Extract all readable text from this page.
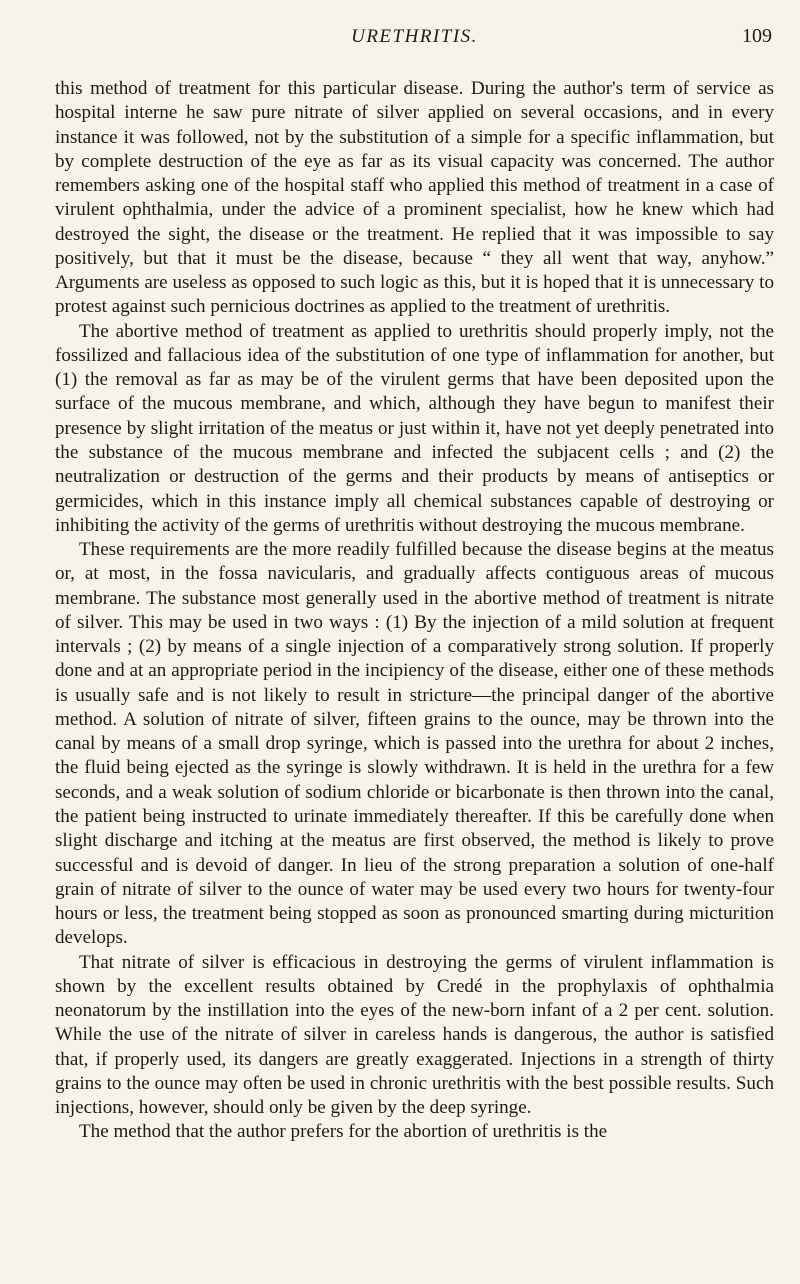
URETHRITIS.	109

this method of treatment for this particular disease. During the author's term of service as hospital interne he saw pure nitrate of silver applied on several occasions, and in every instance it was followed, not by the substitution of a simple for a specific inflammation, but by complete destruction of the eye as far as its visual capacity was concerned. The author remembers asking one of the hospital staff who applied this method of treatment in a case of virulent ophthalmia, under the advice of a prominent specialist, how he knew which had destroyed the sight, the disease or the treatment. He replied that it was impossible to say positively, but that it must be the disease, because “ they all went that way, anyhow.” Arguments are useless as opposed to such logic as this, but it is hoped that it is unnecessary to protest against such pernicious doctrines as applied to the treatment of urethritis.

The abortive method of treatment as applied to urethritis should properly imply, not the fossilized and fallacious idea of the substitution of one type of inflammation for another, but (1) the removal as far as may be of the virulent germs that have been deposited upon the surface of the mucous membrane, and which, although they have begun to manifest their presence by slight irritation of the meatus or just within it, have not yet deeply penetrated into the substance of the mucous membrane and infected the subjacent cells ; and (2) the neutralization or destruction of the germs and their products by means of antiseptics or germicides, which in this instance imply all chemical substances capable of destroying or inhibiting the activity of the germs of urethritis without destroying the mucous membrane.

These requirements are the more readily fulfilled because the disease begins at the meatus or, at most, in the fossa navicularis, and gradually affects contiguous areas of mucous membrane. The substance most generally used in the abortive method of treatment is nitrate of silver. This may be used in two ways : (1) By the injection of a mild solution at frequent intervals ; (2) by means of a single injection of a comparatively strong solution. If properly done and at an appropriate period in the incipiency of the disease, either one of these methods is usually safe and is not likely to result in stricture—the principal danger of the abortive method. A solution of nitrate of silver, fifteen grains to the ounce, may be thrown into the canal by means of a small drop syringe, which is passed into the urethra for about 2 inches, the fluid being ejected as the syringe is slowly withdrawn. It is held in the urethra for a few seconds, and a weak solution of sodium chloride or bicarbonate is then thrown into the canal, the patient being instructed to urinate immediately thereafter. If this be carefully done when slight discharge and itching at the meatus are first observed, the method is likely to prove successful and is devoid of danger. In lieu of the strong preparation a solution of one-half grain of nitrate of silver to the ounce of water may be used every two hours for twenty-four hours or less, the treatment being stopped as soon as pronounced smarting during micturition develops.

That nitrate of silver is efficacious in destroying the germs of virulent inflammation is shown by the excellent results obtained by Credé in the prophylaxis of ophthalmia neonatorum by the instillation into the eyes of the new-born infant of a 2 per cent. solution. While the use of the nitrate of silver in careless hands is dangerous, the author is satisfied that, if properly used, its dangers are greatly exaggerated. Injections in a strength of thirty grains to the ounce may often be used in chronic urethritis with the best possible results. Such injections, however, should only be given by the deep syringe.

The method that the author prefers for the abortion of urethritis is the
